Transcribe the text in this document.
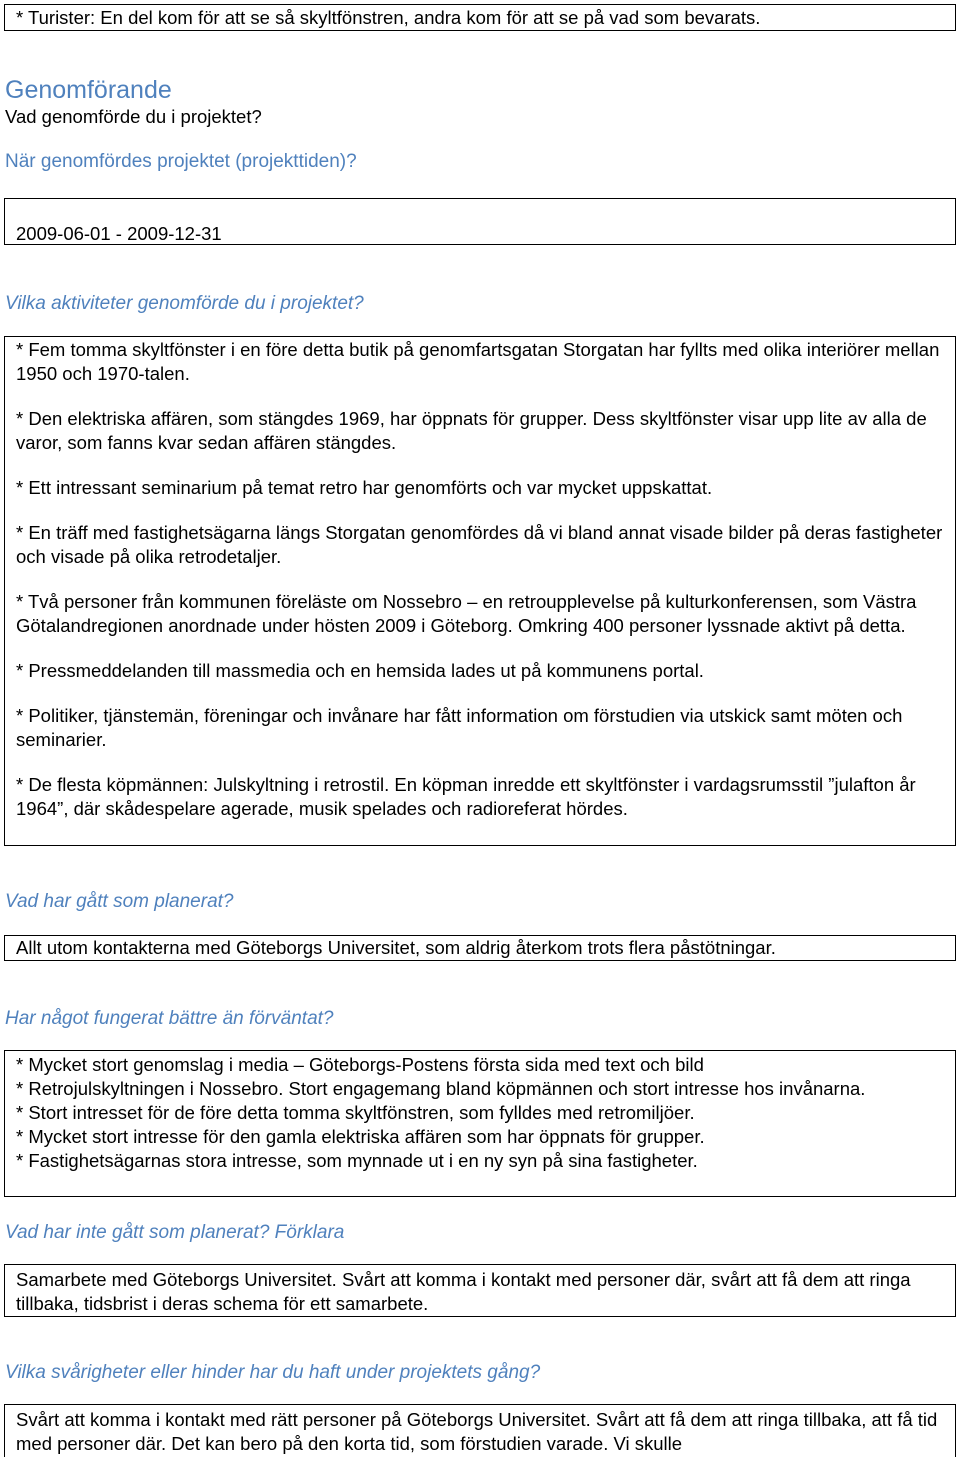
* Turister: En del kom för att se så skyltfönstren, andra kom för att se på vad som bevarats.

Genomförande
Vad genomförde du i projektet?
När genomfördes projektet (projekttiden)?

2009-06-01 - 2009-12-31

Vilka aktiviteter genomförde du i projektet?

* Fem tomma skyltfönster i en före detta butik på genomfartsgatan Storgatan har fyllts med olika interiörer mellan 1950 och 1970-talen.

* Den elektriska affären, som stängdes 1969, har öppnats för grupper. Dess skyltfönster visar upp lite av alla de varor, som fanns kvar sedan affären stängdes.

* Ett intressant seminarium på temat retro har genomförts och var mycket uppskattat.

* En träff med fastighetsägarna längs Storgatan genomfördes då vi bland annat visade bilder på deras fastigheter och visade på olika retrodetaljer.

* Två personer från kommunen föreläste om Nossebro – en retroupplevelse på kulturkonferensen, som Västra Götalandregionen anordnade under hösten 2009 i Göteborg. Omkring 400 personer lyssnade aktivt på detta.

* Pressmeddelanden till massmedia och en hemsida lades ut på kommunens portal.

* Politiker, tjänstemän, föreningar och invånare har fått information om förstudien via utskick samt möten och seminarier.

* De flesta köpmännen: Julskyltning i retrostil. En köpman inredde ett skyltfönster i vardagsrumsstil ”julafton år 1964”, där skådespelare agerade, musik spelades och radioreferat hördes.

Vad har gått som planerat?

Allt utom kontakterna med Göteborgs Universitet, som aldrig återkom trots flera påstötningar.

Har något fungerat bättre än förväntat?

* Mycket stort genomslag i media – Göteborgs-Postens första sida med text och bild

* Retrojulskyltningen i Nossebro. Stort engagemang bland köpmännen och stort intresse hos invånarna.

* Stort intresset för de före detta tomma skyltfönstren, som fylldes med retromiljöer.

* Mycket stort intresse för den gamla elektriska affären som har öppnats för grupper.

* Fastighetsägarnas stora intresse, som mynnade ut i en ny syn på sina fastigheter.

Vad har inte gått som planerat? Förklara

Samarbete med Göteborgs Universitet. Svårt att komma i kontakt med personer där, svårt att få dem att ringa tillbaka, tidsbrist i deras schema för ett samarbete.

Vilka svårigheter eller hinder har du haft under projektets gång?

Svårt att komma i kontakt med rätt personer på Göteborgs Universitet. Svårt att få dem att ringa tillbaka, att få tid med personer där. Det kan bero på den korta tid, som förstudien varade. Vi skulle
